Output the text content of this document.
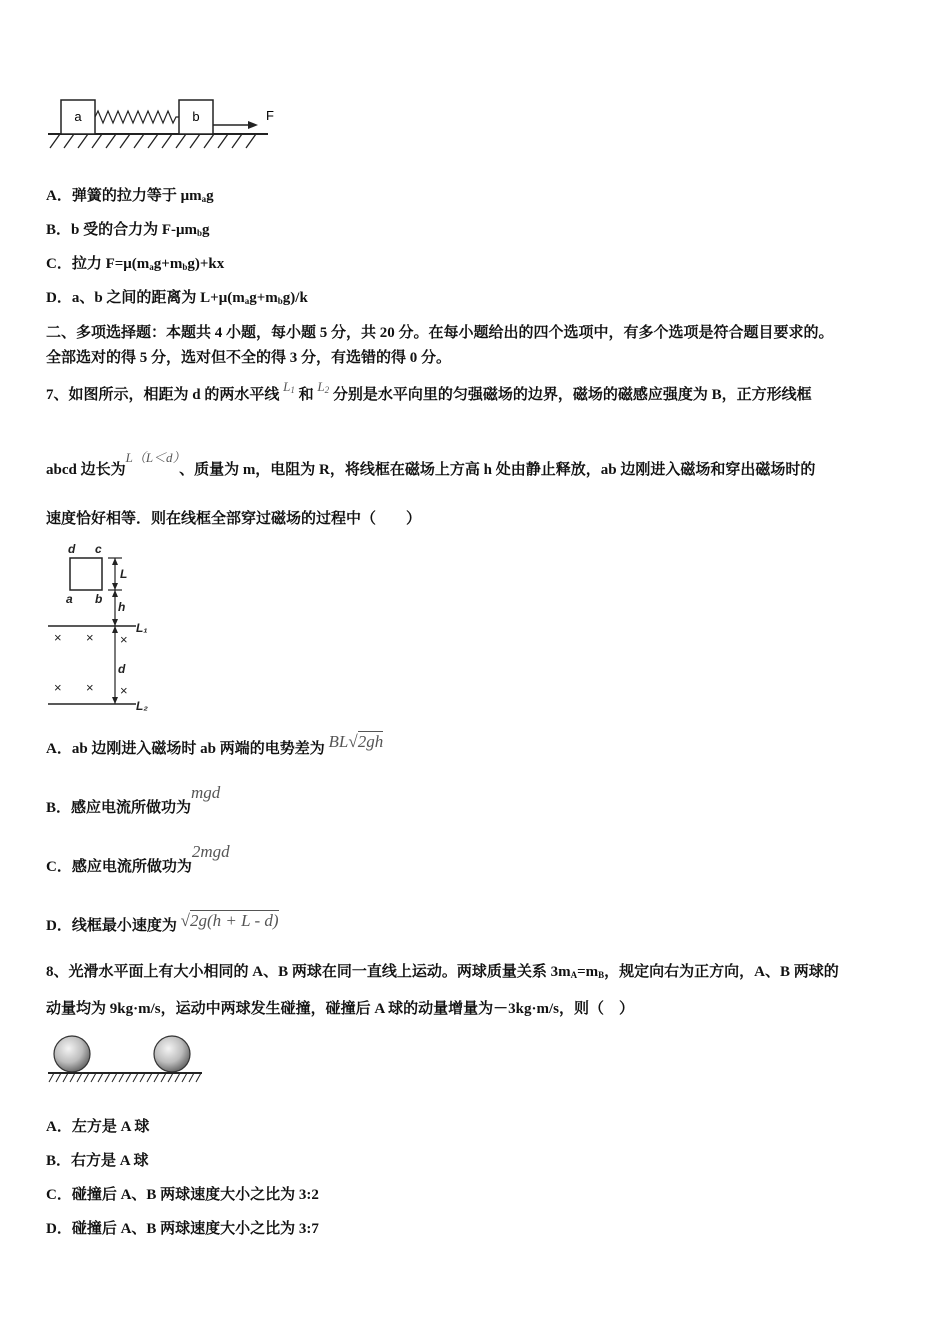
a	b	F
A．弹簧的拉力等于 $\mu m_ag$
B．b 受的合力为 $F-\mu m_bg$
C．拉力 $F=\mu(m_ag+m_bg)+kx$
D．a、b 之间的距离为 $L+\mu(m_ag+m_bg)/k$
二、多项选择题：本题共 4 小题，每小题 5 分，共 20 分。在每小题给出的四个选项中，有多个选项是符合题目要求的。
全部选对的得 5 分，选对但不全的得 3 分，有选错的得 0 分。
7、如图所示，相距为 d 的两水平线 $L_1$ 和 $L_2$ 分别是水平向里的匀强磁场的边界，磁场的磁感应强度为 B，正方形线框
abcd 边长为L（L＜d）、质量为 m，电阻为 R，将线框在磁场上方高 h 处由静止释放，ab 边刚进入磁场和穿出磁场时的
速度恰好相等．则在线框全部穿过磁场的过程中（　　）
d c
a b
L
h
d
L₁
L₂
× × ×
× × ×
A．ab 边刚进入磁场时 ab 两端的电势差为 BL√2gh
B．感应电流所做功为mgd
C．感应电流所做功为2mgd
D．线框最小速度为 √2g(h + L - d)
8、光滑水平面上有大小相同的 A、B 两球在同一直线上运动。两球质量关系 $3m_A=m_B$，规定向右为正方向，A、B 两球的
动量均为 9kg·m/s，运动中两球发生碰撞，碰撞后 A 球的动量增量为－3kg·m/s，则（　）
A．左方是 A 球
B．右方是 A 球
C．碰撞后 A、B 两球速度大小之比为 3:2
D．碰撞后 A、B 两球速度大小之比为 3:7
